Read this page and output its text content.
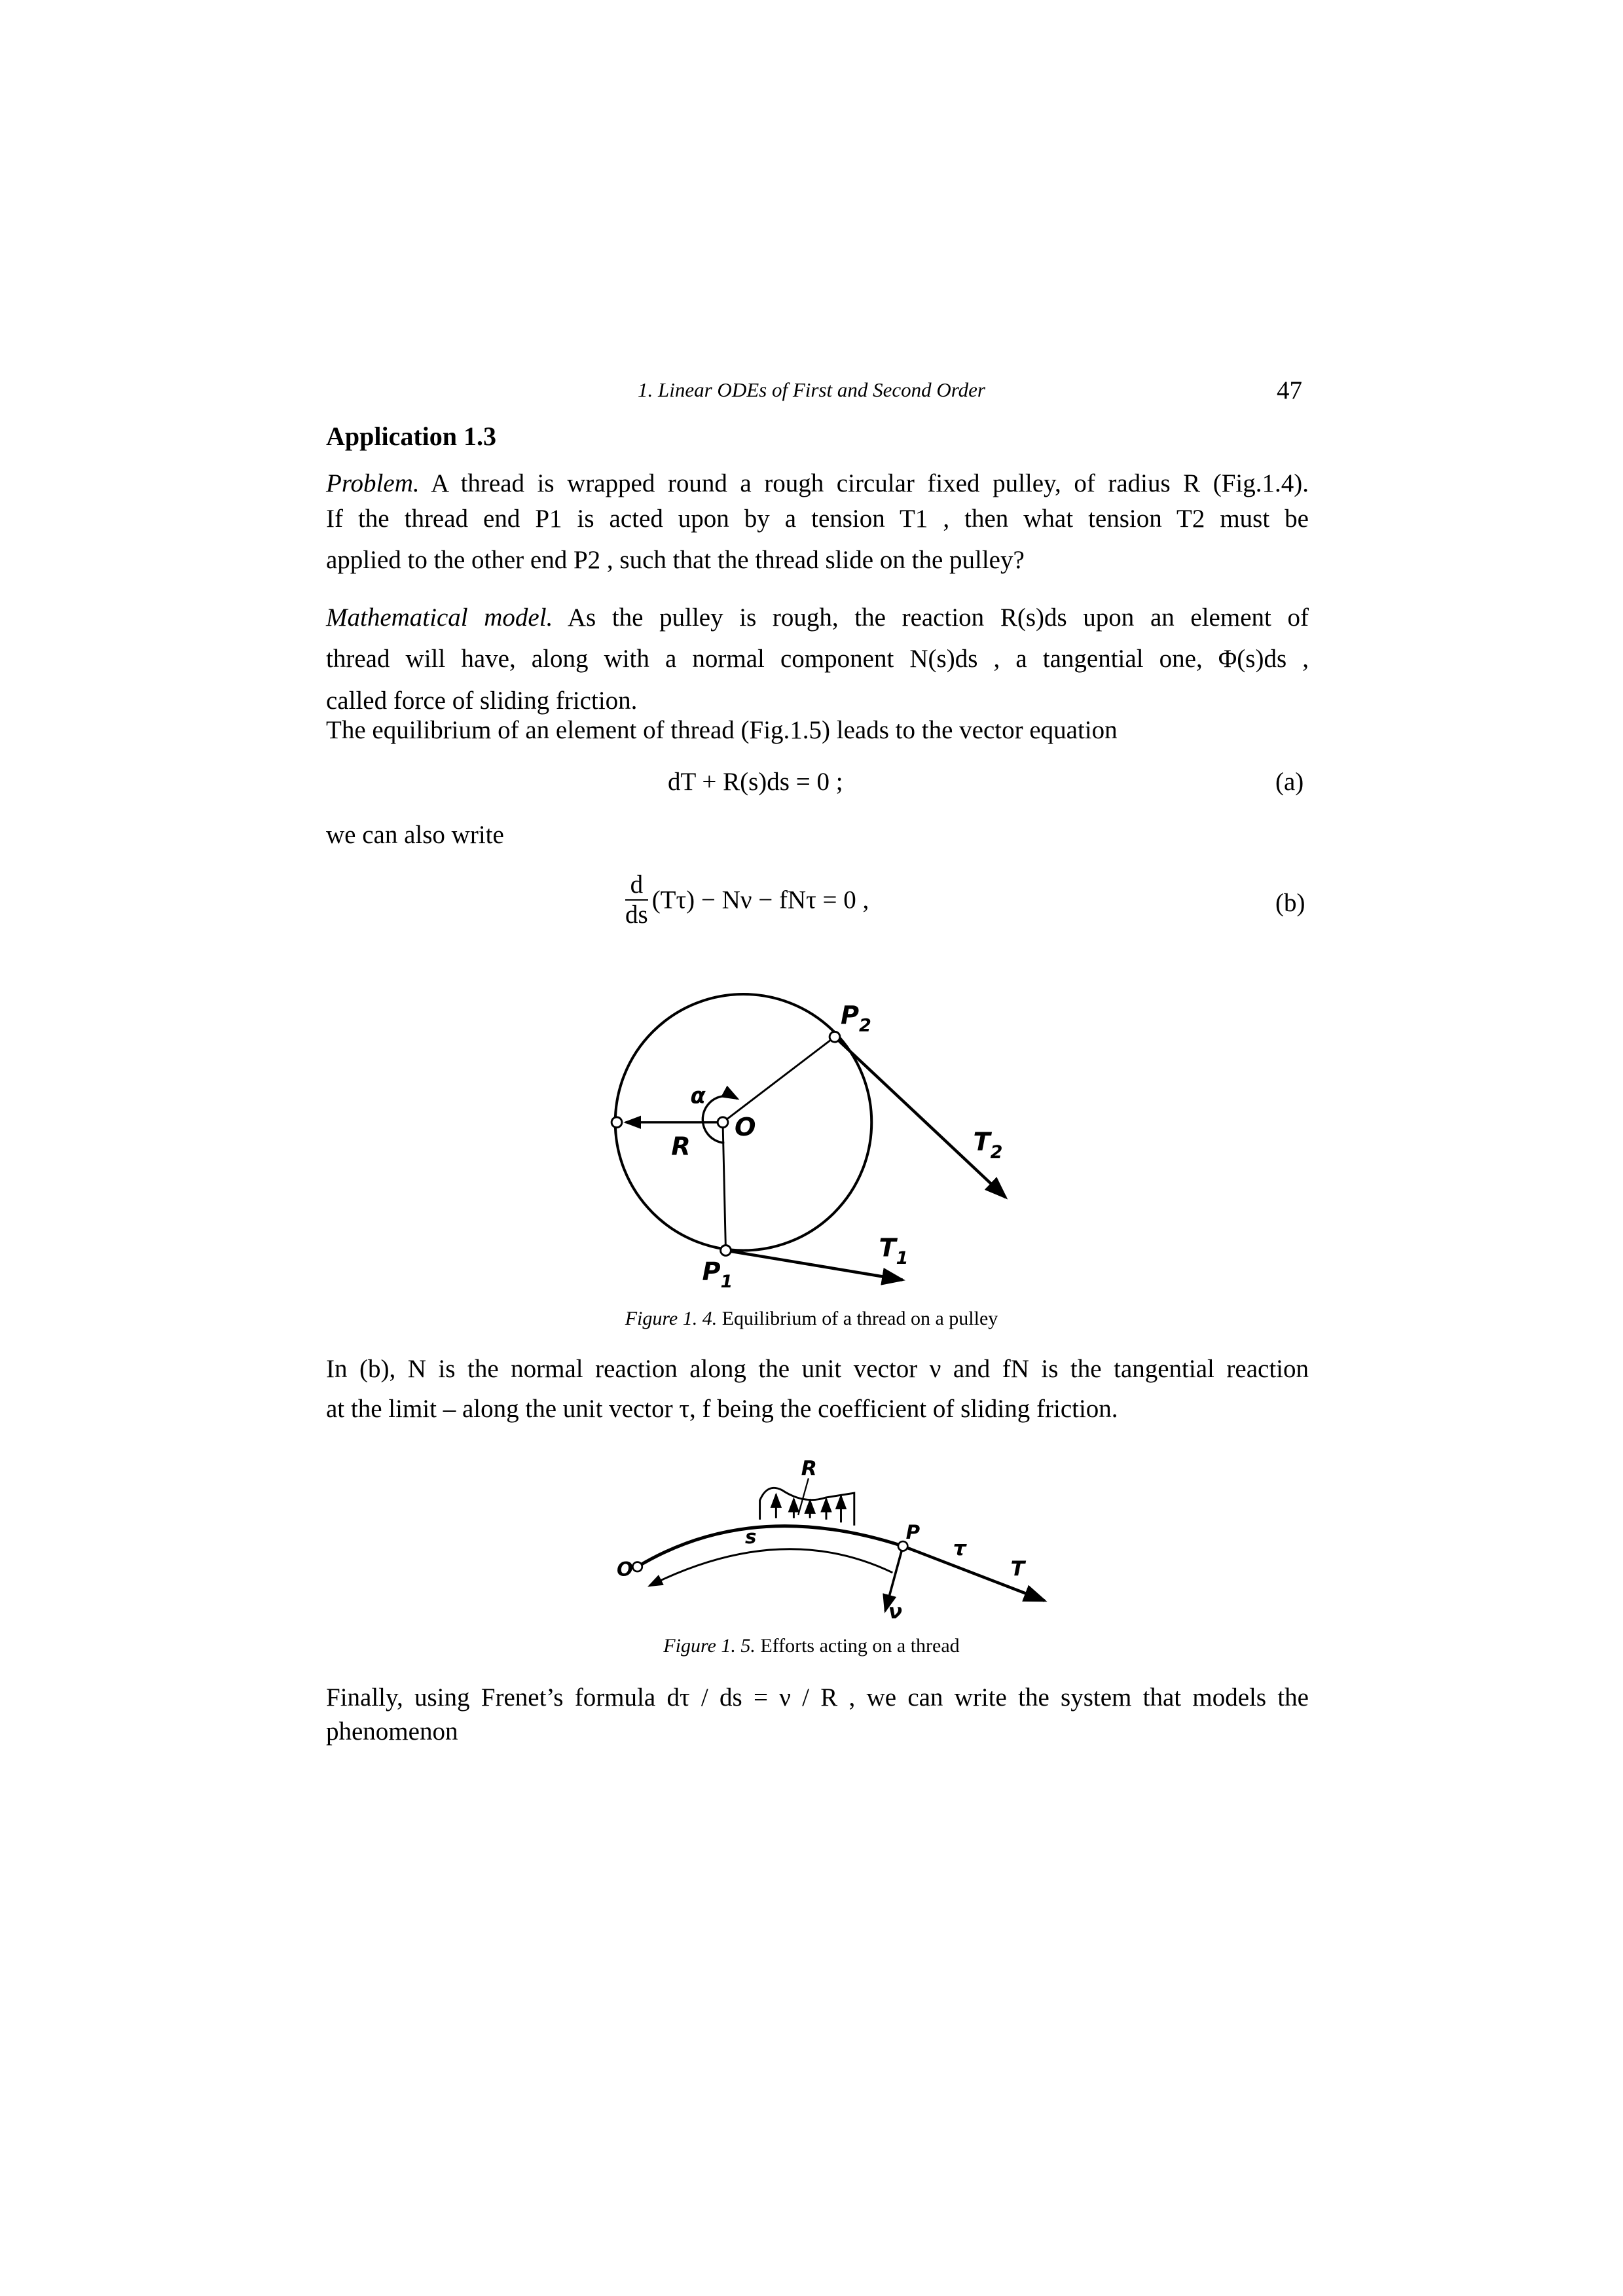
1. Linear ODEs of First and Second Order	47
Application 1.3
Problem. A thread is wrapped round a rough circular fixed pulley, of radius R (Fig.1.4).
If the thread end P1 is acted upon by a tension T1 , then what tension T2 must be
applied to the other end P2 , such that the thread slide on the pulley?
Mathematical model. As the pulley is rough, the reaction R(s)ds upon an element of
thread will have, along with a normal component N(s)ds , a tangential one, Φ(s)ds ,
called force of sliding friction.
The equilibrium of an element of thread (Fig.1.5) leads to the vector equation
dT + R(s)ds = 0 ;	(a)
we can also write
$\frac{d}{ds} (T\tau) - N\nu - fN\tau = 0$ ,	(b)
α
R
O
$P_2$
$T_2$
$T_1$
$P_1$
Figure 1. 4. Equilibrium of a thread on a pulley
In (b), N is the normal reaction along the unit vector ν and fN is the tangential reaction
at the limit – along the unit vector τ, f being the coefficient of sliding friction.
R
s
O
P
τ
T
ν
Figure 1. 5. Efforts acting on a thread
Finally, using Frenet’s formula dτ / ds = ν / R , we can write the system that models the
phenomenon
